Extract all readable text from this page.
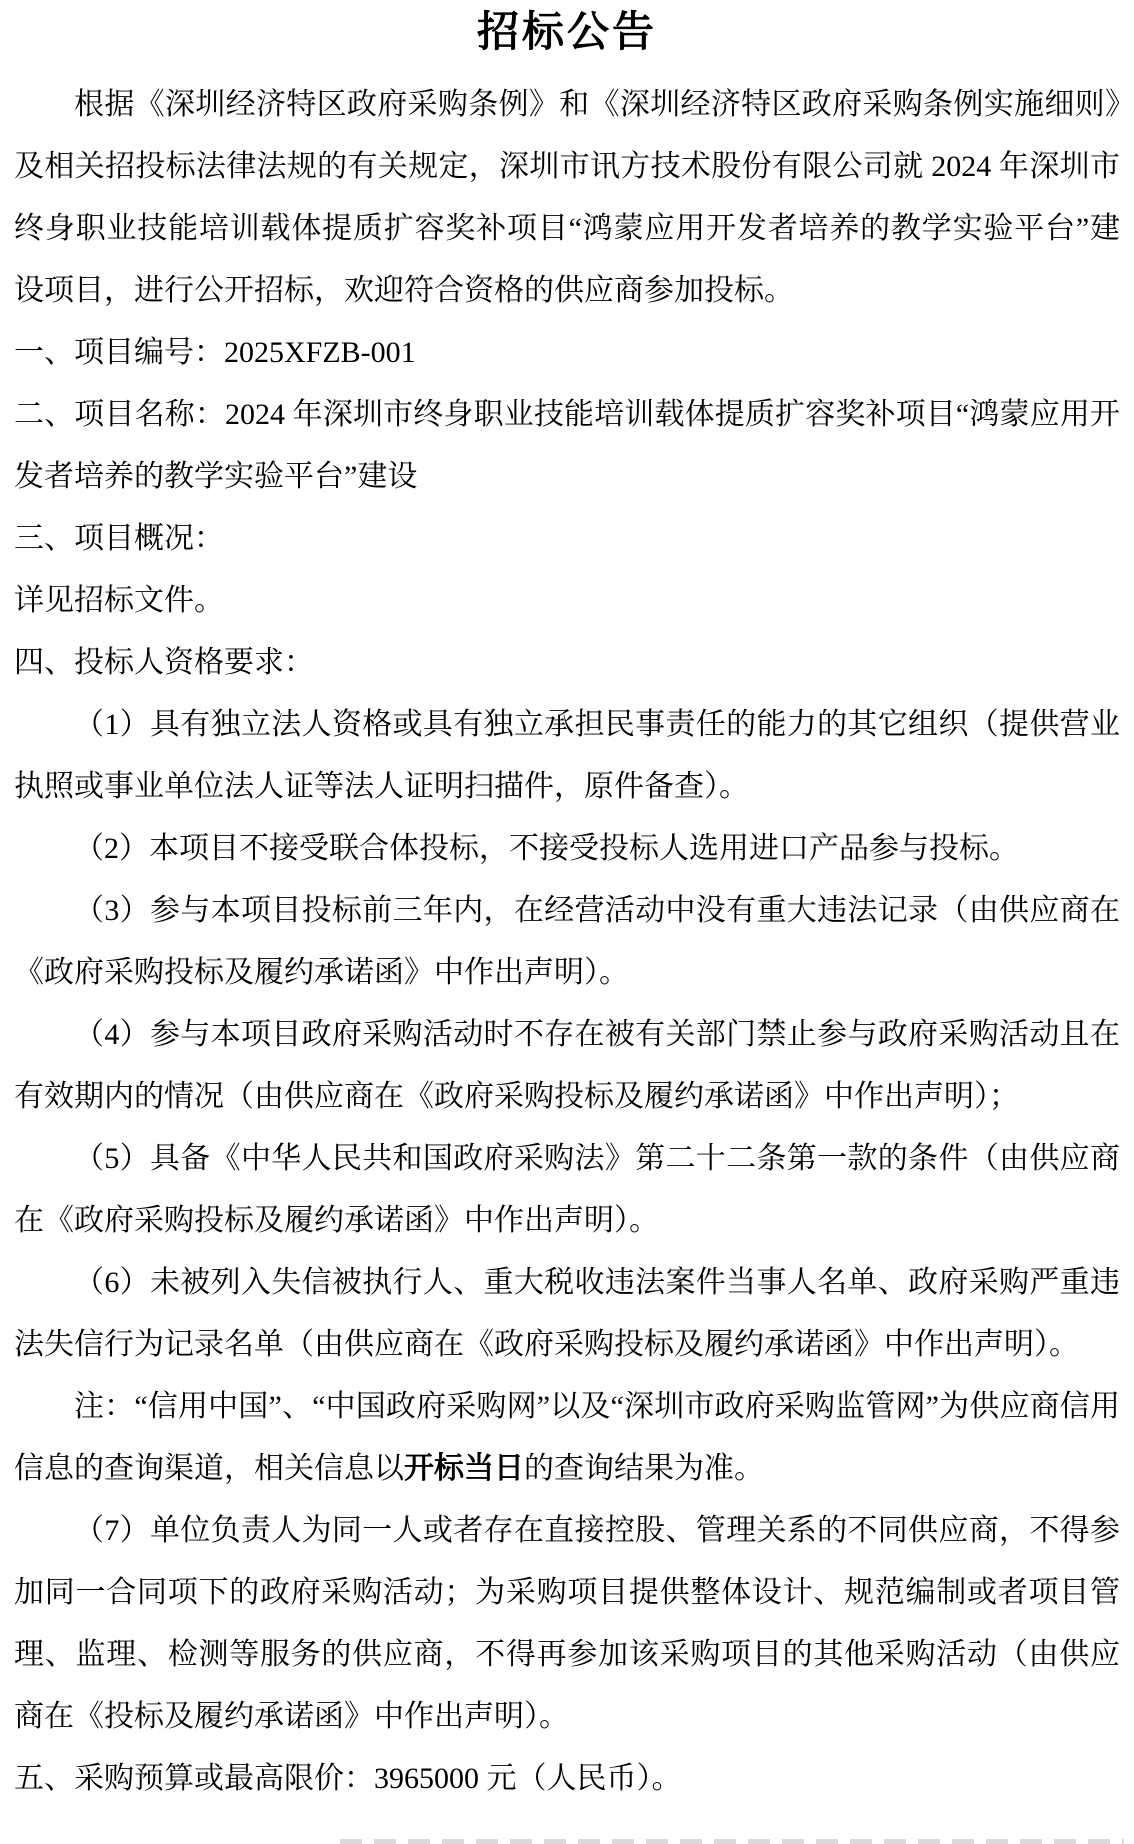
招标公告

根据《深圳经济特区政府采购条例》和《深圳经济特区政府采购条例实施细则》及相关招投标法律法规的有关规定，深圳市讯方技术股份有限公司就 2024 年深圳市终身职业技能培训载体提质扩容奖补项目“鸿蒙应用开发者培养的教学实验平台”建设项目，进行公开招标，欢迎符合资格的供应商参加投标。

一、项目编号：2025XFZB-001

二、项目名称：2024 年深圳市终身职业技能培训载体提质扩容奖补项目“鸿蒙应用开发者培养的教学实验平台”建设

三、项目概况：

详见招标文件。

四、投标人资格要求：

（1）具有独立法人资格或具有独立承担民事责任的能力的其它组织（提供营业执照或事业单位法人证等法人证明扫描件，原件备查）。

（2）本项目不接受联合体投标，不接受投标人选用进口产品参与投标。

（3）参与本项目投标前三年内，在经营活动中没有重大违法记录（由供应商在《政府采购投标及履约承诺函》中作出声明）。

（4）参与本项目政府采购活动时不存在被有关部门禁止参与政府采购活动且在有效期内的情况（由供应商在《政府采购投标及履约承诺函》中作出声明）；

（5）具备《中华人民共和国政府采购法》第二十二条第一款的条件（由供应商在《政府采购投标及履约承诺函》中作出声明）。

（6）未被列入失信被执行人、重大税收违法案件当事人名单、政府采购严重违法失信行为记录名单（由供应商在《政府采购投标及履约承诺函》中作出声明）。

注：“信用中国”、“中国政府采购网”以及“深圳市政府采购监管网”为供应商信用信息的查询渠道，相关信息以开标当日的查询结果为准。

（7）单位负责人为同一人或者存在直接控股、管理关系的不同供应商，不得参加同一合同项下的政府采购活动；为采购项目提供整体设计、规范编制或者项目管理、监理、检测等服务的供应商，不得再参加该采购项目的其他采购活动（由供应商在《投标及履约承诺函》中作出声明）。

五、采购预算或最高限价：3965000 元（人民币）。
